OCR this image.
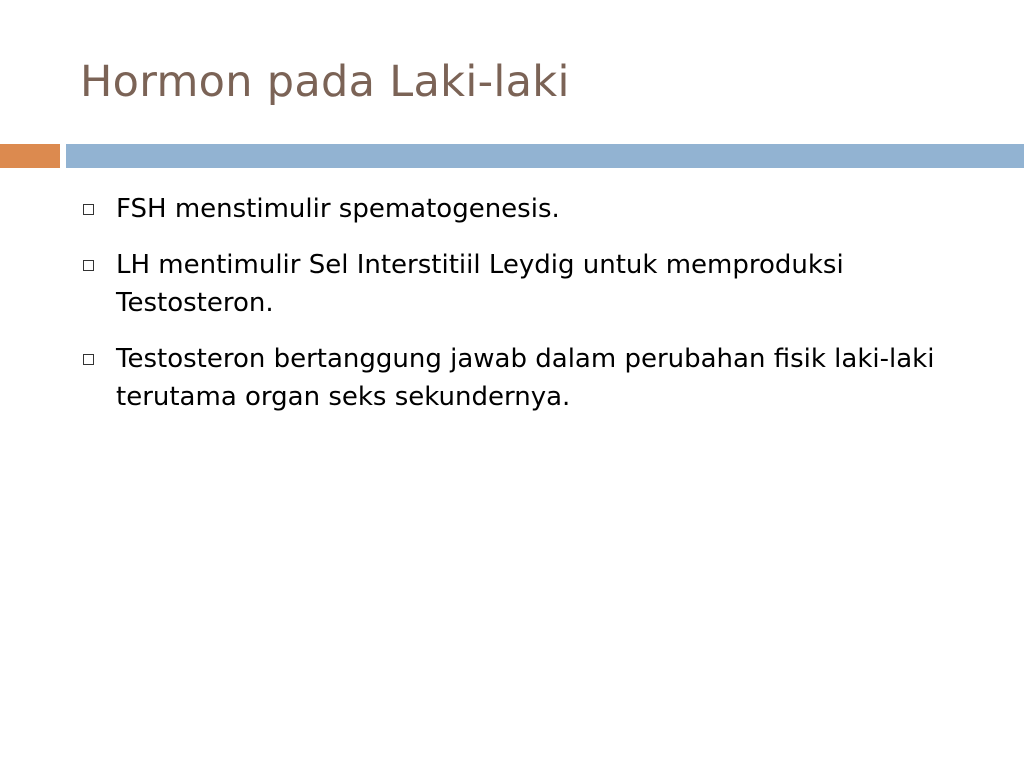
Hormon pada Laki-laki
FSH menstimulir spematogenesis.
LH mentimulir Sel Interstitiil Leydig untuk memproduksi Testosteron.
Testosteron bertanggung jawab dalam perubahan fisik laki-laki terutama organ seks sekundernya.
